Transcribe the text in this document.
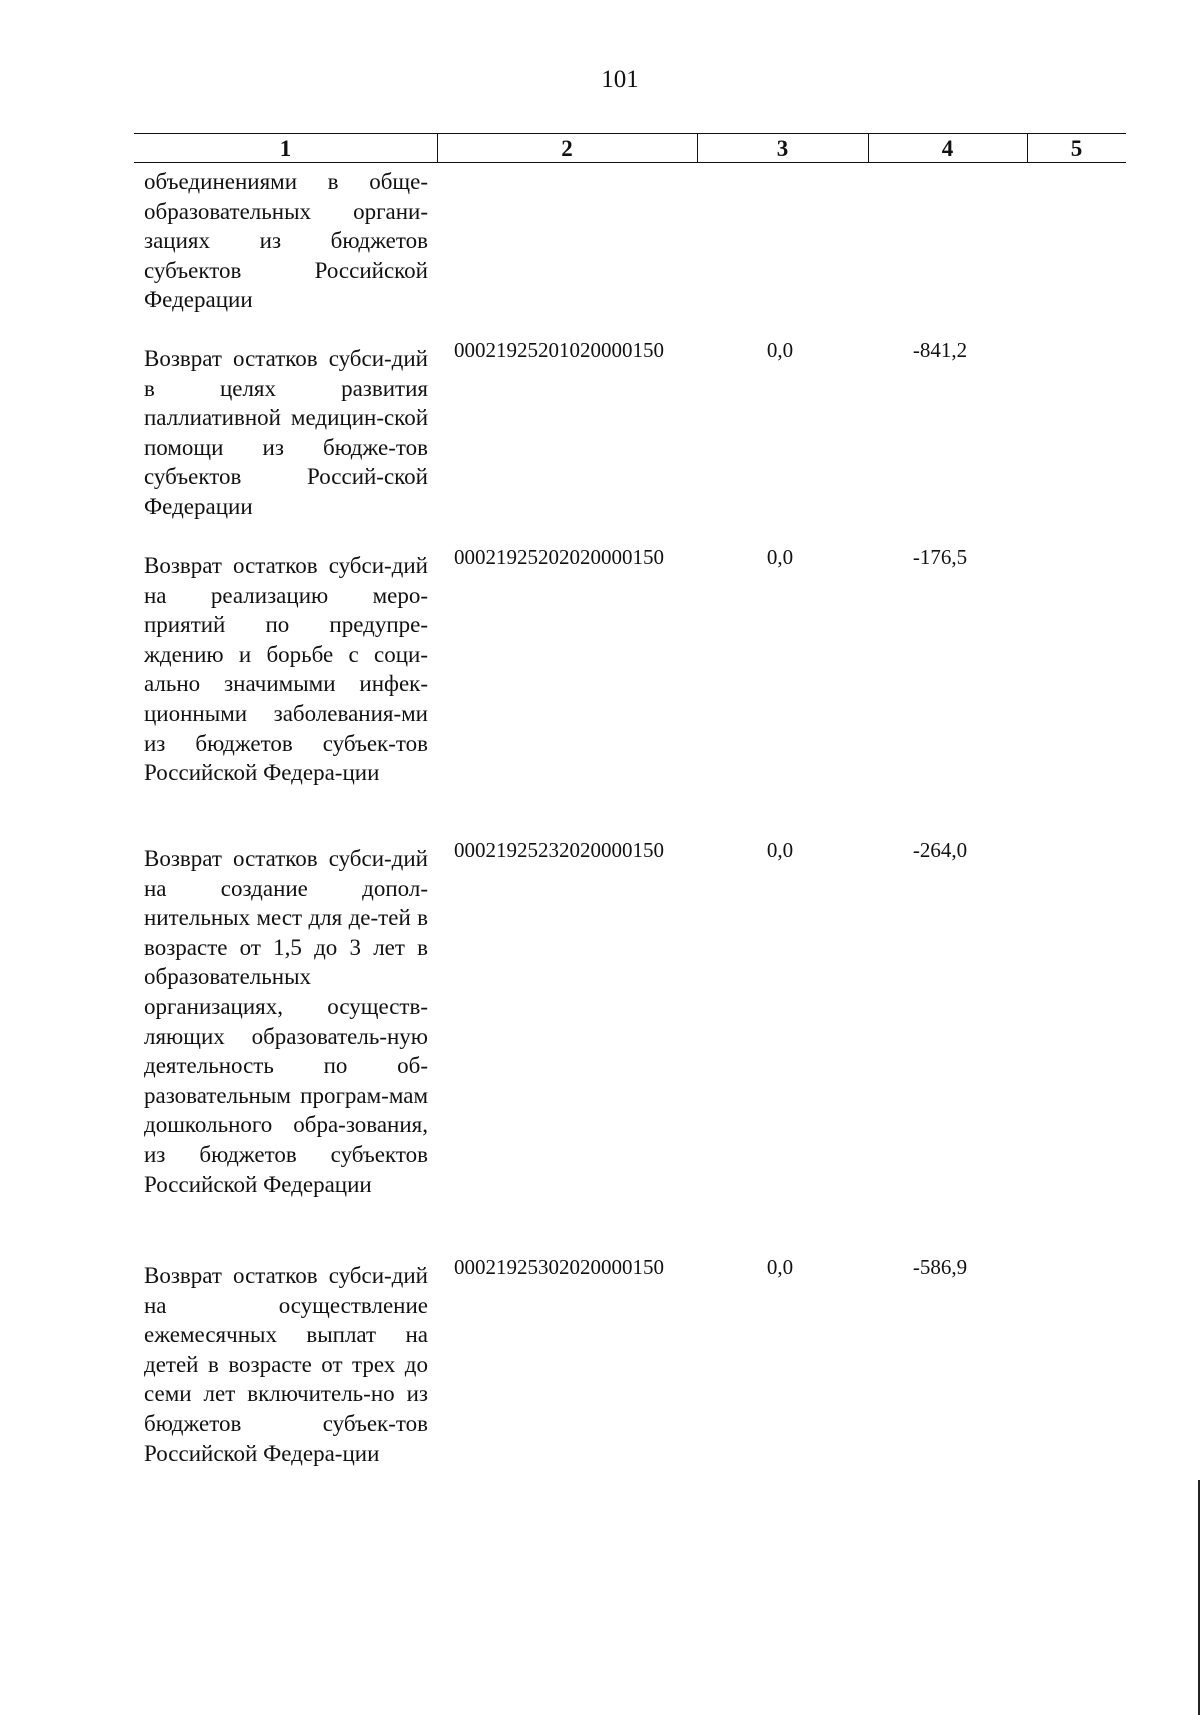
101
1	2	3	4	5
объединениями в обще-образовательных органи-зациях из бюджетов субъектов Российской Федерации
Возврат остатков субси-дий в целях развития паллиативной медицин-ской помощи из бюдже-тов субъектов Россий-ской Федерации
00021925201020000150	0,0	-841,2
Возврат остатков субси-дий на реализацию меро-приятий по предупре-ждению и борьбе с соци-ально значимыми инфек-ционными заболевания-ми из бюджетов субъек-тов Российской Федера-ции
00021925202020000150	0,0	-176,5
Возврат остатков субси-дий на создание допол-нительных мест для де-тей в возрасте от 1,5 до 3 лет в образовательных организациях, осуществ-ляющих образователь-ную деятельность по об-разовательным програм-мам дошкольного обра-зования, из бюджетов субъектов Российской Федерации
00021925232020000150	0,0	-264,0
Возврат остатков субси-дий на осуществление ежемесячных выплат на детей в возрасте от трех до семи лет включитель-но из бюджетов субъек-тов Российской Федера-ции
00021925302020000150	0,0	-586,9
